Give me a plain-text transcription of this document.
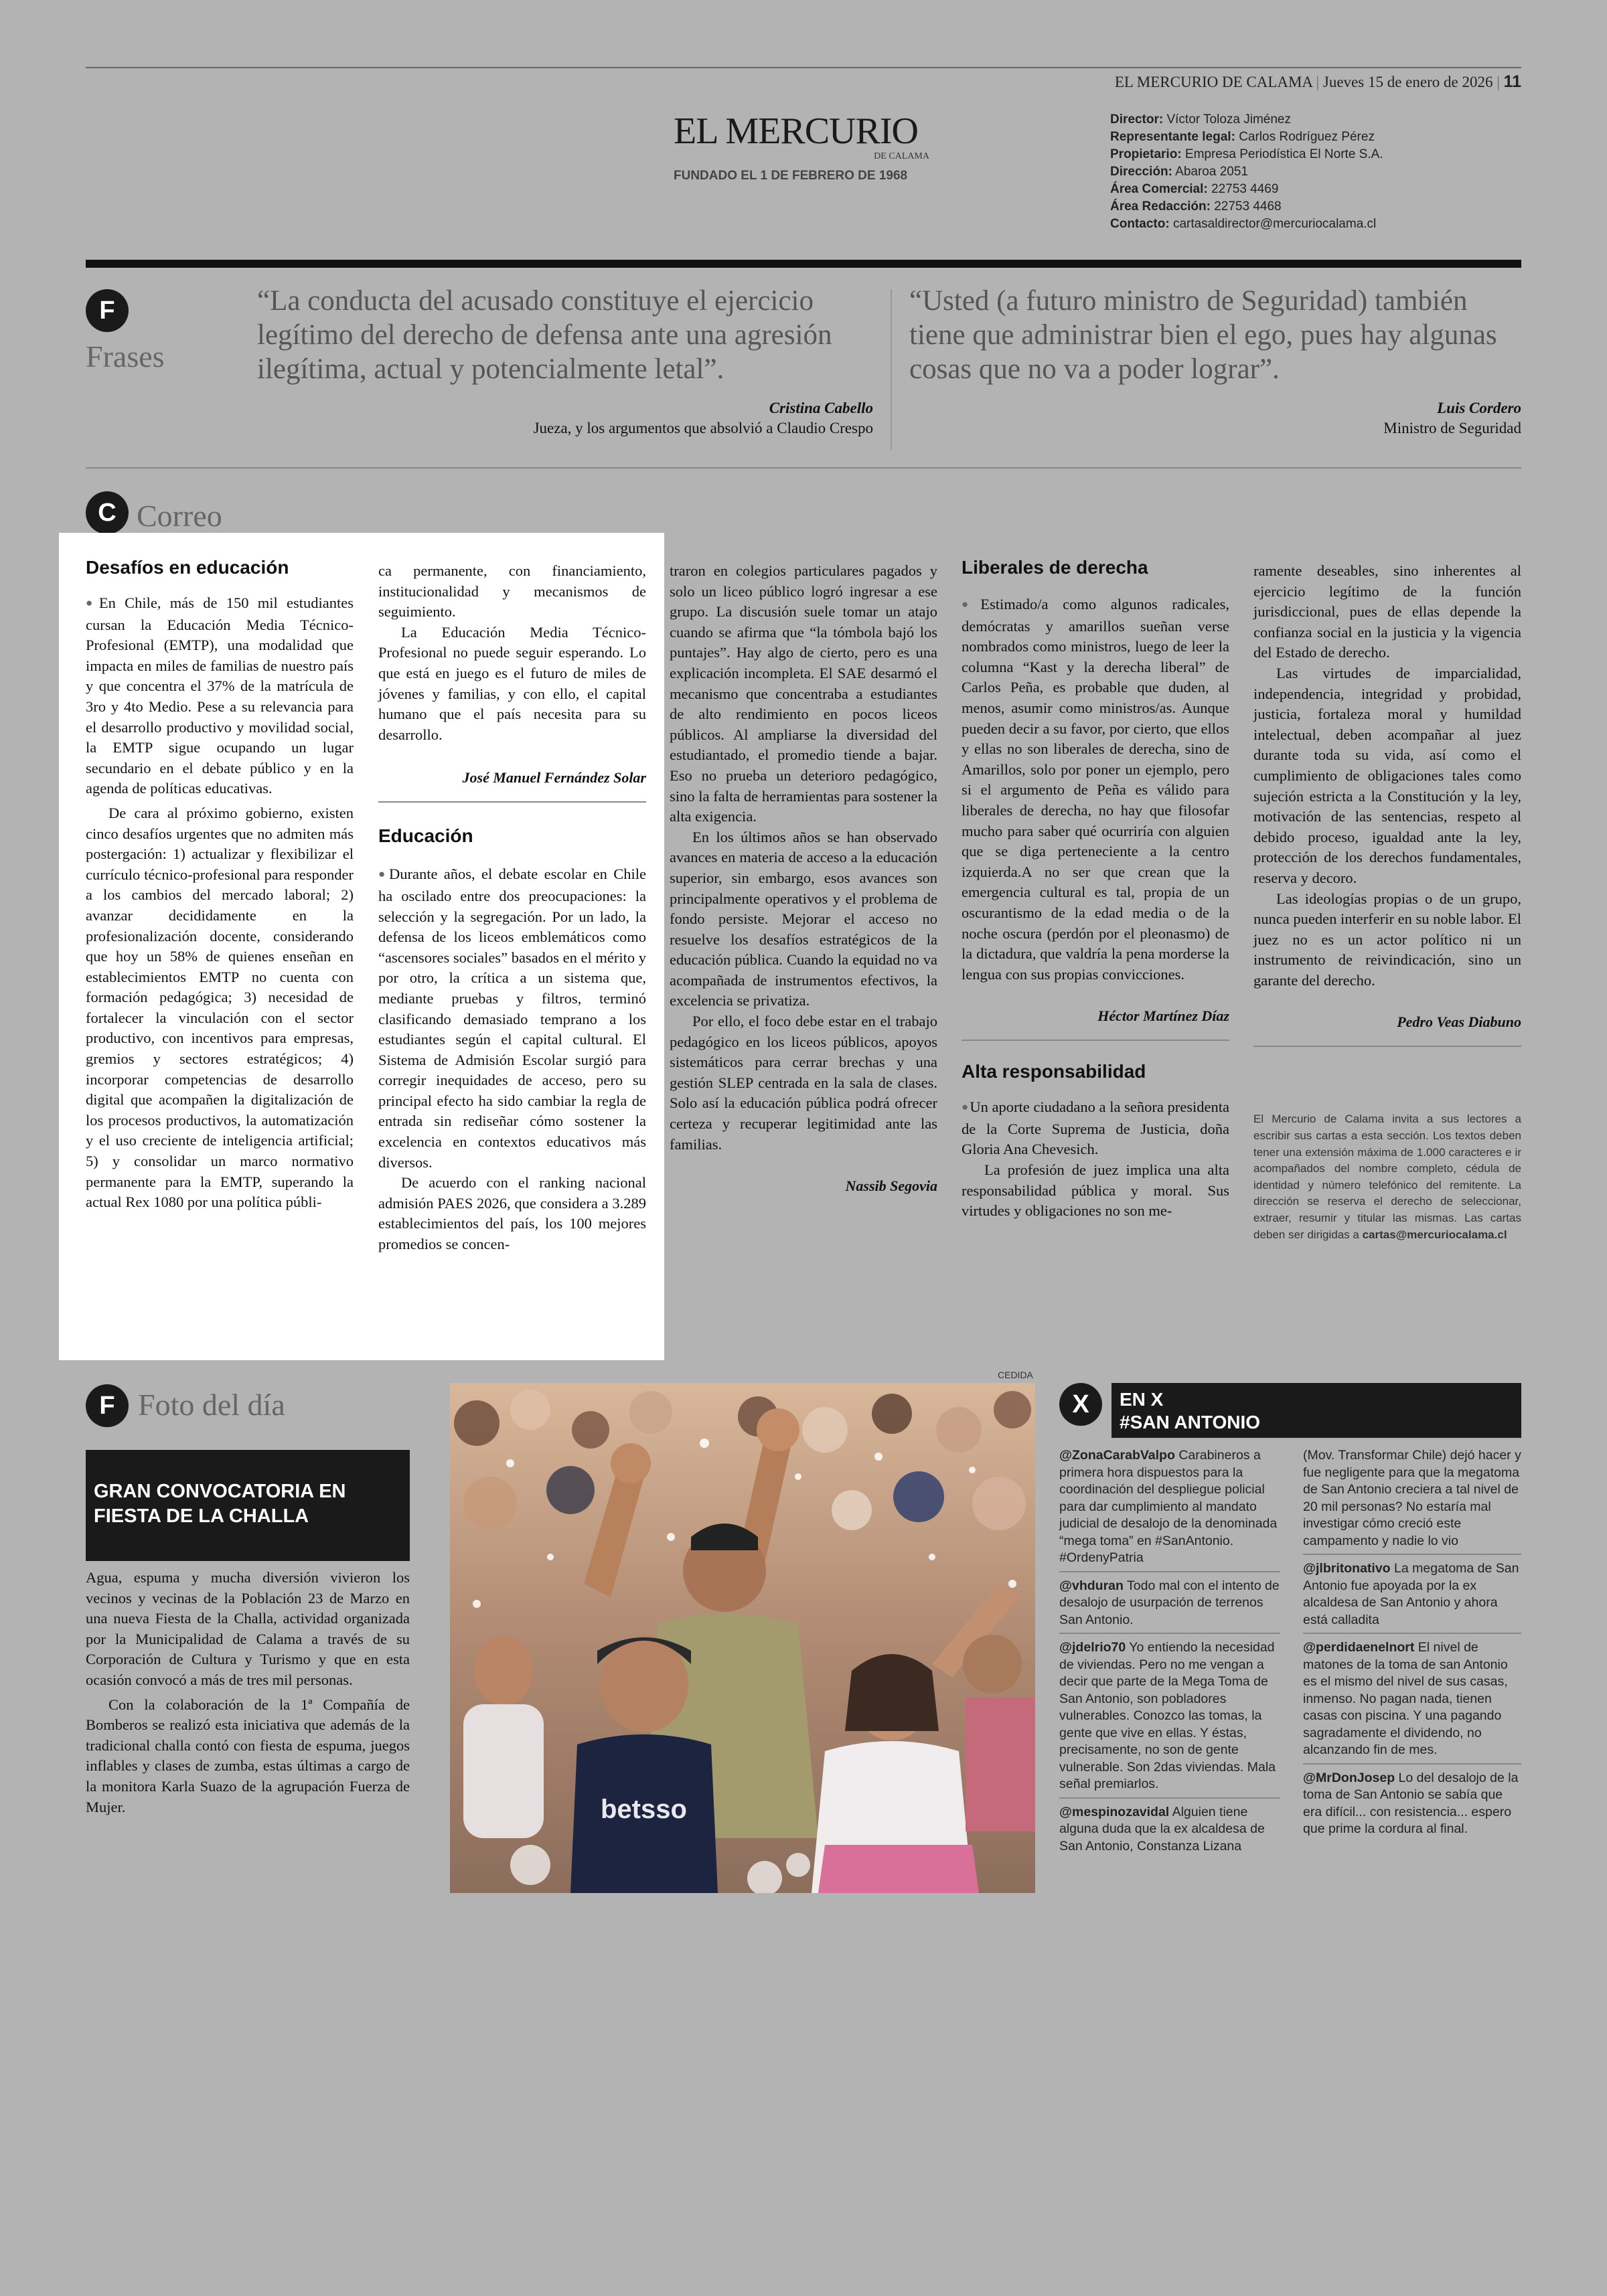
EL MERCURIO DE CALAMA | Jueves 15 de enero de 2026 | 11
EL MERCURIO
DE CALAMA
FUNDADO EL 1 DE FEBRERO DE 1968
Director: Víctor Toloza Jiménez
Representante legal: Carlos Rodríguez Pérez
Propietario: Empresa Periodística El Norte S.A.
Dirección: Abaroa 2051
Área Comercial: 22753 4469
Área Redacción: 22753 4468
Contacto: cartasaldirector@mercuriocalama.cl
F
Frases
“La conducta del acusado constituye el ejercicio legítimo del derecho de defensa ante una agresión ilegítima, actual y potencialmente letal”.
Cristina Cabello
Jueza, y los argumentos que absolvió a Claudio Crespo
“Usted (a futuro ministro de Seguridad) también tiene que administrar bien el ego, pues hay algunas cosas que no va a poder lograr”.
Luis Cordero
Ministro de Seguridad
C Correo
Desafíos en educación

● En Chile, más de 150 mil estudiantes cursan la Educación Media Técnico-Profesional (EMTP), una modalidad que impacta en miles de familias de nuestro país y que concentra el 37% de la matrícula de 3ro y 4to Medio. Pese a su relevancia para el desarrollo productivo y movilidad social, la EMTP sigue ocupando un lugar secundario en el debate público y en la agenda de políticas educativas.

De cara al próximo gobierno, existen cinco desafíos urgentes que no admiten más postergación: 1) actualizar y flexibilizar el currículo técnico-profesional para responder a los cambios del mercado laboral; 2) avanzar decididamente en la profesionalización docente, considerando que hoy un 58% de quienes enseñan en establecimientos EMTP no cuenta con formación pedagógica; 3) necesidad de fortalecer la vinculación con el sector productivo, con incentivos para empresas, gremios y sectores estratégicos; 4) incorporar competencias de desarrollo digital que acompañen la digitalización de los procesos productivos, la automatización y el uso creciente de inteligencia artificial; 5) y consolidar un marco normativo permanente para la EMTP, superando la actual Rex 1080 por una política públi-

ca permanente, con financiamiento, institucionalidad y mecanismos de seguimiento.

La Educación Media Técnico-Profesional no puede seguir esperando. Lo que está en juego es el futuro de miles de jóvenes y familias, y con ello, el capital humano que el país necesita para su desarrollo.

José Manuel Fernández Solar
Educación

● Durante años, el debate escolar en Chile ha oscilado entre dos preocupaciones: la selección y la segregación. Por un lado, la defensa de los liceos emblemáticos como “ascensores sociales” basados en el mérito y por otro, la crítica a un sistema que, mediante pruebas y filtros, terminó clasificando demasiado temprano a los estudiantes según el capital cultural. El Sistema de Admisión Escolar surgió para corregir inequidades de acceso, pero su principal efecto ha sido cambiar la regla de entrada sin rediseñar cómo sostener la excelencia en contextos educativos más diversos.

De acuerdo con el ranking nacional admisión PAES 2026, que considera a 3.289 establecimientos del país, los 100 mejores promedios se concen-

traron en colegios particulares pagados y solo un liceo público logró ingresar a ese grupo. La discusión suele tomar un atajo cuando se afirma que “la tómbola bajó los puntajes”. Hay algo de cierto, pero es una explicación incompleta. El SAE desarmó el mecanismo que concentraba a estudiantes de alto rendimiento en pocos liceos públicos. Al ampliarse la diversidad del estudiantado, el promedio tiende a bajar. Eso no prueba un deterioro pedagógico, sino la falta de herramientas para sostener la alta exigencia.

En los últimos años se han observado avances en materia de acceso a la educación superior, sin embargo, esos avances son principalmente operativos y el problema de fondo persiste. Mejorar el acceso no resuelve los desafíos estratégicos de la educación pública. Cuando la equidad no va acompañada de instrumentos efectivos, la excelencia se privatiza.

Por ello, el foco debe estar en el trabajo pedagógico en los liceos públicos, apoyos sistemáticos para cerrar brechas y una gestión SLEP centrada en la sala de clases. Solo así la educación pública podrá ofrecer certeza y recuperar legitimidad ante las familias.

Nassib Segovia
Liberales de derecha

● Estimado/a como algunos radicales, demócratas y amarillos sueñan verse nombrados como ministros, luego de leer la columna “Kast y la derecha liberal” de Carlos Peña, es probable que duden, al menos, asumir como ministros/as. Aunque pueden decir a su favor, por cierto, que ellos y ellas no son liberales de derecha, sino de Amarillos, solo por poner un ejemplo, pero si el argumento de Peña es válido para liberales de derecha, no hay que filosofar mucho para saber qué ocurriría con alguien que se diga perteneciente a la centro izquierda.A no ser que crean que la emergencia cultural es tal, propia de un oscurantismo de la edad media o de la noche oscura (perdón por el pleonasmo) de la dictadura, que valdría la pena morderse la lengua con sus propias convicciones.

Héctor Martínez Díaz
Alta responsabilidad

● Un aporte ciudadano a la señora presidenta de la Corte Suprema de Justicia, doña Gloria Ana Chevesich.

La profesión de juez implica una alta responsabilidad pública y moral. Sus virtudes y obligaciones no son me-

ramente deseables, sino inherentes al ejercicio legítimo de la función jurisdiccional, pues de ellas depende la confianza social en la justicia y la vigencia del Estado de derecho.

Las virtudes de imparcialidad, independencia, integridad y probidad, justicia, fortaleza moral y humildad intelectual, deben acompañar al juez durante toda su vida, así como el cumplimiento de obligaciones tales como sujeción estricta a la Constitución y la ley, motivación de las sentencias, respeto al debido proceso, igualdad ante la ley, protección de los derechos fundamentales, reserva y decoro.

Las ideologías propias o de un grupo, nunca pueden interferir en su noble labor. El juez no es un actor político ni un instrumento de reivindicación, sino un garante del derecho.

Pedro Veas Diabuno
El Mercurio de Calama invita a sus lectores a escribir sus cartas a esta sección. Los textos deben tener una extensión máxima de 1.000 caracteres e ir acompañados del nombre completo, cédula de identidad y número telefónico del remitente. La dirección se reserva el derecho de seleccionar, extraer, resumir y titular las mismas. Las cartas deben ser dirigidas a cartas@mercuriocalama.cl
F Foto del día
GRAN CONVOCATORIA EN FIESTA DE LA CHALLA

Agua, espuma y mucha diversión vivieron los vecinos y vecinas de la Población 23 de Marzo en una nueva Fiesta de la Challa, actividad organizada por la Municipalidad de Calama a través de su Corporación de Cultura y Turismo y que en esta ocasión convocó a más de tres mil personas.

Con la colaboración de la 1ª Compañía de Bomberos se realizó esta iniciativa que además de la tradicional challa contó con fiesta de espuma, juegos inflables y clases de zumba, estas últimas a cargo de la monitora Karla Suazo de la agrupación Fuerza de Mujer.

CEDIDA
betsso
X EN X
#SAN ANTONIO

@ZonaCarabValpo Carabineros a primera hora dispuestos para la coordinación del despliegue policial para dar cumplimiento al mandato judicial de desalojo de la denominada “mega toma” en #SanAntonio. #OrdenyPatria

@vhduran Todo mal con el intento de desalojo de usurpación de terrenos San Antonio.

@jdelrio70 Yo entiendo la necesidad de viviendas. Pero no me vengan a decir que parte de la Mega Toma de San Antonio, son pobladores vulnerables. Conozco las tomas, la gente que vive en ellas. Y éstas, precisamente, no son de gente vulnerable. Son 2das viviendas. Mala señal premiarlos.

@mespinozavidal Alguien tiene alguna duda que la ex alcaldesa de San Antonio, Constanza Lizana

(Mov. Transformar Chile) dejó hacer y fue negligente para que la megatoma de San Antonio creciera a tal nivel de 20 mil personas? No estaría mal investigar cómo creció este campamento y nadie lo vio

@jlbritonativo La megatoma de San Antonio fue apoyada por la ex alcaldesa de San Antonio y ahora está calladita

@perdidaenelnort El nivel de matones de la toma de san Antonio es el mismo del nivel de sus casas, inmenso. No pagan nada, tienen casas con piscina. Y una pagando sagradamente el dividendo, no alcanzando fin de mes.

@MrDonJosep Lo del desalojo de la toma de San Antonio se sabía que era difícil... con resistencia... espero que prime la cordura al final.
